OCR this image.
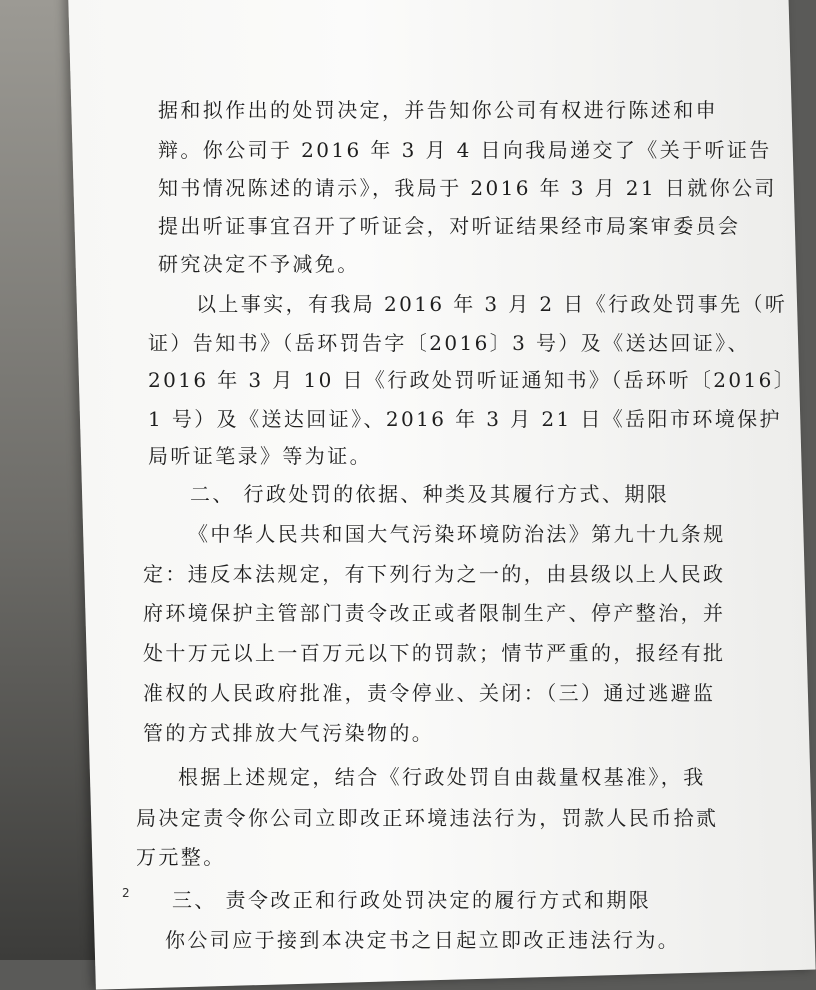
据和拟作出的处罚决定，并告知你公司有权进行陈述和申
辩。你公司于 2016 年 3 月 4 日向我局递交了《关于听证告
知书情况陈述的请示》，我局于 2016 年 3 月 21 日就你公司
提出听证事宜召开了听证会，对听证结果经市局案审委员会
研究决定不予减免。
以上事实，有我局 2016 年 3 月 2 日《行政处罚事先（听
证）告知书》（岳环罚告字〔2016〕3 号）及《送达回证》、
2016 年 3 月 10 日《行政处罚听证通知书》（岳环听〔2016〕
1 号）及《送达回证》、2016 年 3 月 21 日《岳阳市环境保护
局听证笔录》等为证。
二、 行政处罚的依据、种类及其履行方式、期限
《中华人民共和国大气污染环境防治法》第九十九条规
定：违反本法规定，有下列行为之一的，由县级以上人民政
府环境保护主管部门责令改正或者限制生产、停产整治，并
处十万元以上一百万元以下的罚款；情节严重的，报经有批
准权的人民政府批准，责令停业、关闭：（三）通过逃避监
管的方式排放大气污染物的。
根据上述规定，结合《行政处罚自由裁量权基准》，我
局决定责令你公司立即改正环境违法行为，罚款人民币拾贰
万元整。
三、 责令改正和行政处罚决定的履行方式和期限
你公司应于接到本决定书之日起立即改正违法行为。
2
